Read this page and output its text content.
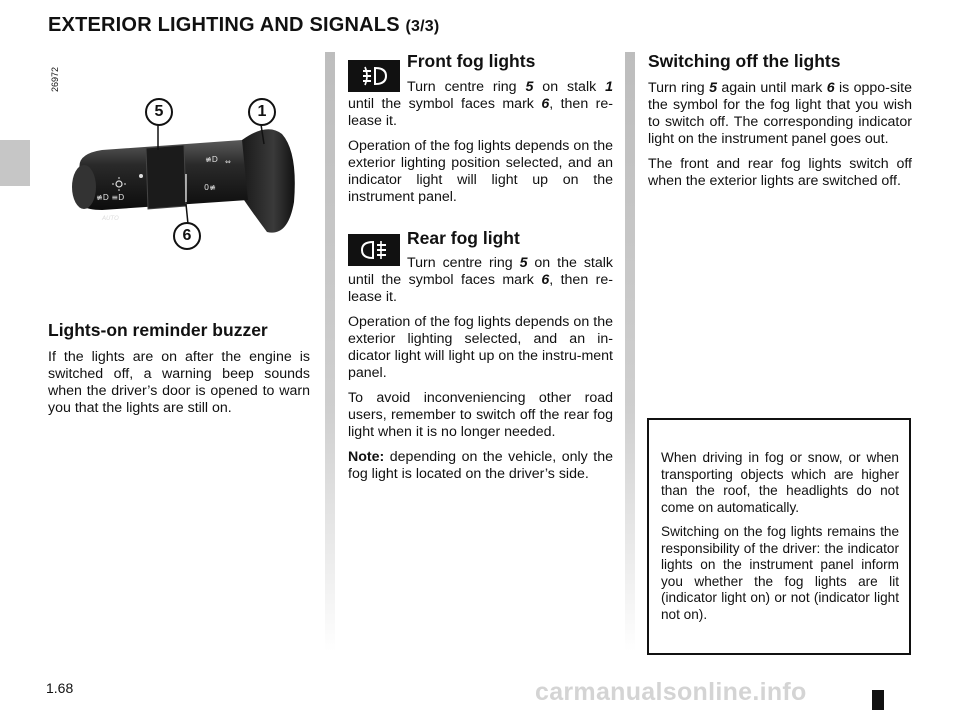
EXTERIOR LIGHTING AND SIGNALS (3/3)
26972
≢D ≡D
≢D
0≢
⇔
AUTO
5	1
6
Lights-on reminder buzzer

If the lights are on after the engine is switched off, a warning beep sounds when the driver’s door is opened to warn you that the lights are still on.

Front fog lights

Turn centre ring 5 on stalk 1 until the symbol faces mark 6, then re-lease it.

Operation of the fog lights depends on the exterior lighting position selected, and an indicator light will light up on the instrument panel.

Rear fog light

Turn centre ring 5 on the stalk until the symbol faces mark 6, then re-lease it.

Operation of the fog lights depends on the exterior lighting selected, and an in-dicator light will light up on the instru-ment panel.

To avoid inconveniencing other road users, remember to switch off the rear fog light when it is no longer needed.

Note: depending on the vehicle, only the fog light is located on the driver’s side.

Switching off the lights

Turn ring 5 again until mark 6 is oppo-site the symbol for the fog light that you wish to switch off. The corresponding indicator light on the instrument panel goes out.

The front and rear fog lights switch off when the exterior lights are switched off.

When driving in fog or snow, or when transporting objects which are higher than the roof, the headlights do not come on automatically.

Switching on the fog lights remains the responsibility of the driver: the indicator lights on the instrument panel inform you whether the fog lights are lit (indicator light on) or not (indicator light not on).

1.68	carmanualsonline.info
